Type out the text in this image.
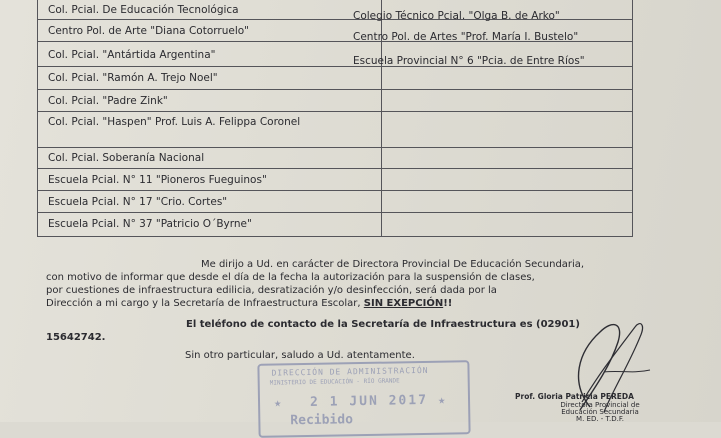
Col. Pcial. De Educación Tecnológica	Colegio Técnico Pcial. "Olga B. de Arko"
Centro Pol. de Arte "Diana Cotorruelo"	Centro Pol. de Artes "Prof. María I. Bustelo"
Col. Pcial. "Antártida Argentina"	Escuela Provincial N° 6 "Pcia. de Entre Ríos"
Col. Pcial. "Ramón A. Trejo Noel"
Col. Pcial. "Padre Zink"
Col. Pcial. "Haspen" Prof. Luis A. Felippa Coronel
Col. Pcial. Soberanía Nacional
Escuela Pcial. N° 11 "Pioneros Fueguinos"
Escuela Pcial. N° 17 "Crio. Cortes"
Escuela Pcial. N° 37 "Patricio O´Byrne"
Me dirijo a Ud. en carácter de Directora Provincial De Educación Secundaria,
con motivo de informar que desde el día de la fecha la autorización para la suspensión de clases,
por cuestiones de infraestructura edilicia, desratización y/o desinfección, será dada por la
Dirección a mi cargo y la Secretaría de Infraestructura Escolar, SIN EXEPCIÓN!!
El teléfono de contacto de la Secretaría de Infraestructura es (02901)
15642742.
Sin otro particular, saludo a Ud. atentamente.
DIRECCIÓN DE ADMINISTRACIÓN
MINISTERIO DE EDUCACIÓN - RÍO GRANDE
★ 2 1 JUN 2017 ★
Recibido
Prof. Gloria Patricia PEREDA
Directora Provincial de
Educación Secundaria
M. ED. - T.D.F.
